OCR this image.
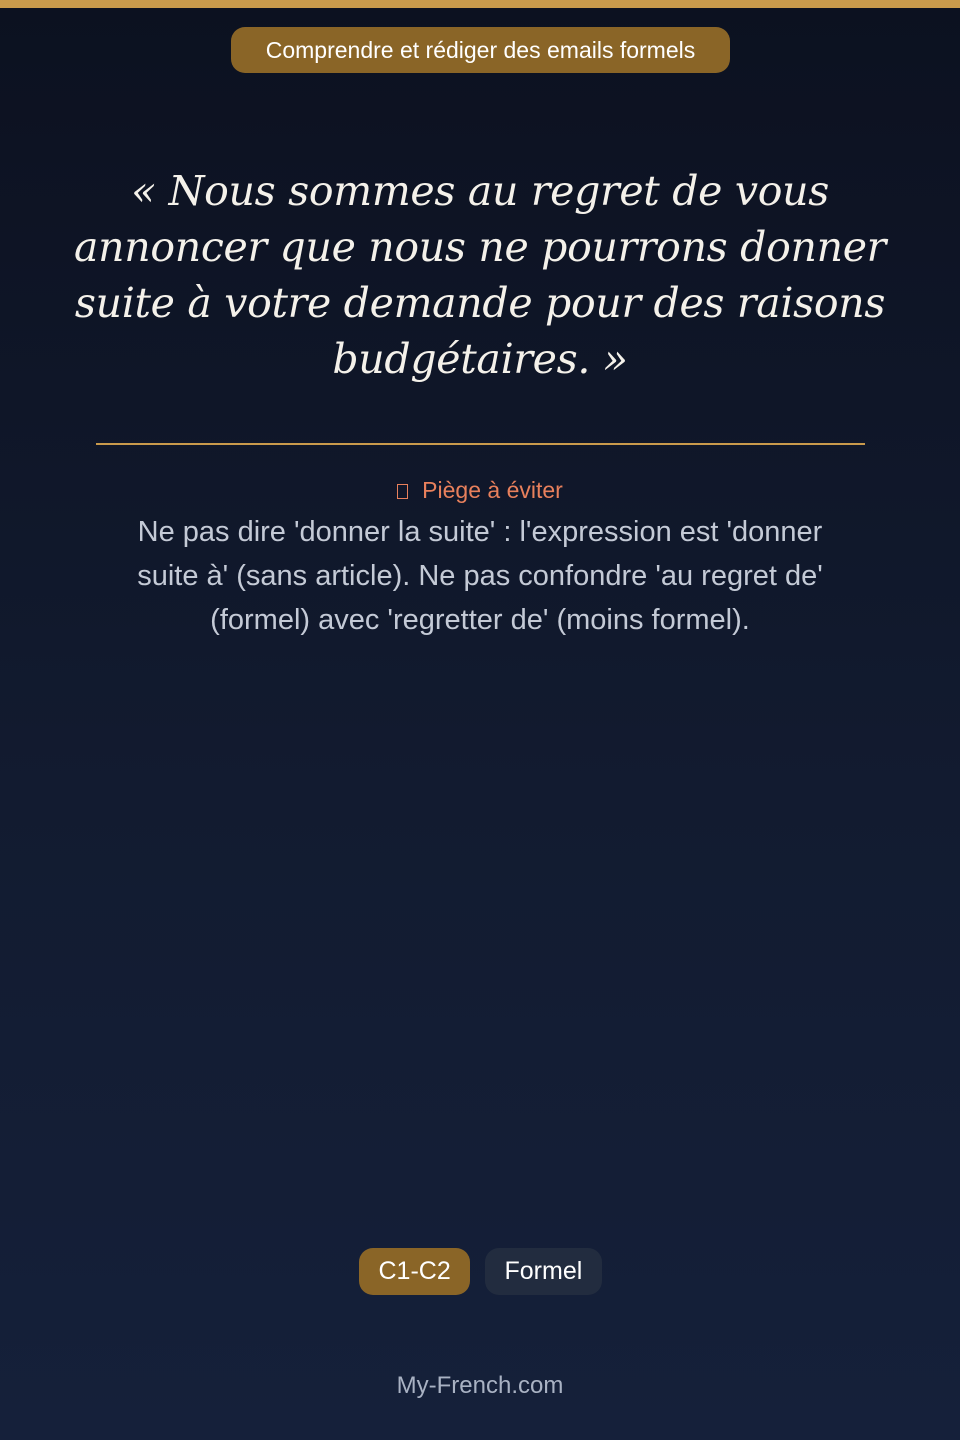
Comprendre et rédiger des emails formels

« Nous sommes au regret de vous annoncer que nous ne pourrons donner suite à votre demande pour des raisons budgétaires. »

Piège à éviter

Ne pas dire 'donner la suite' : l'expression est 'donner suite à' (sans article). Ne pas confondre 'au regret de' (formel) avec 'regretter de' (moins formel).

C1-C2	Formel
My-French.com
